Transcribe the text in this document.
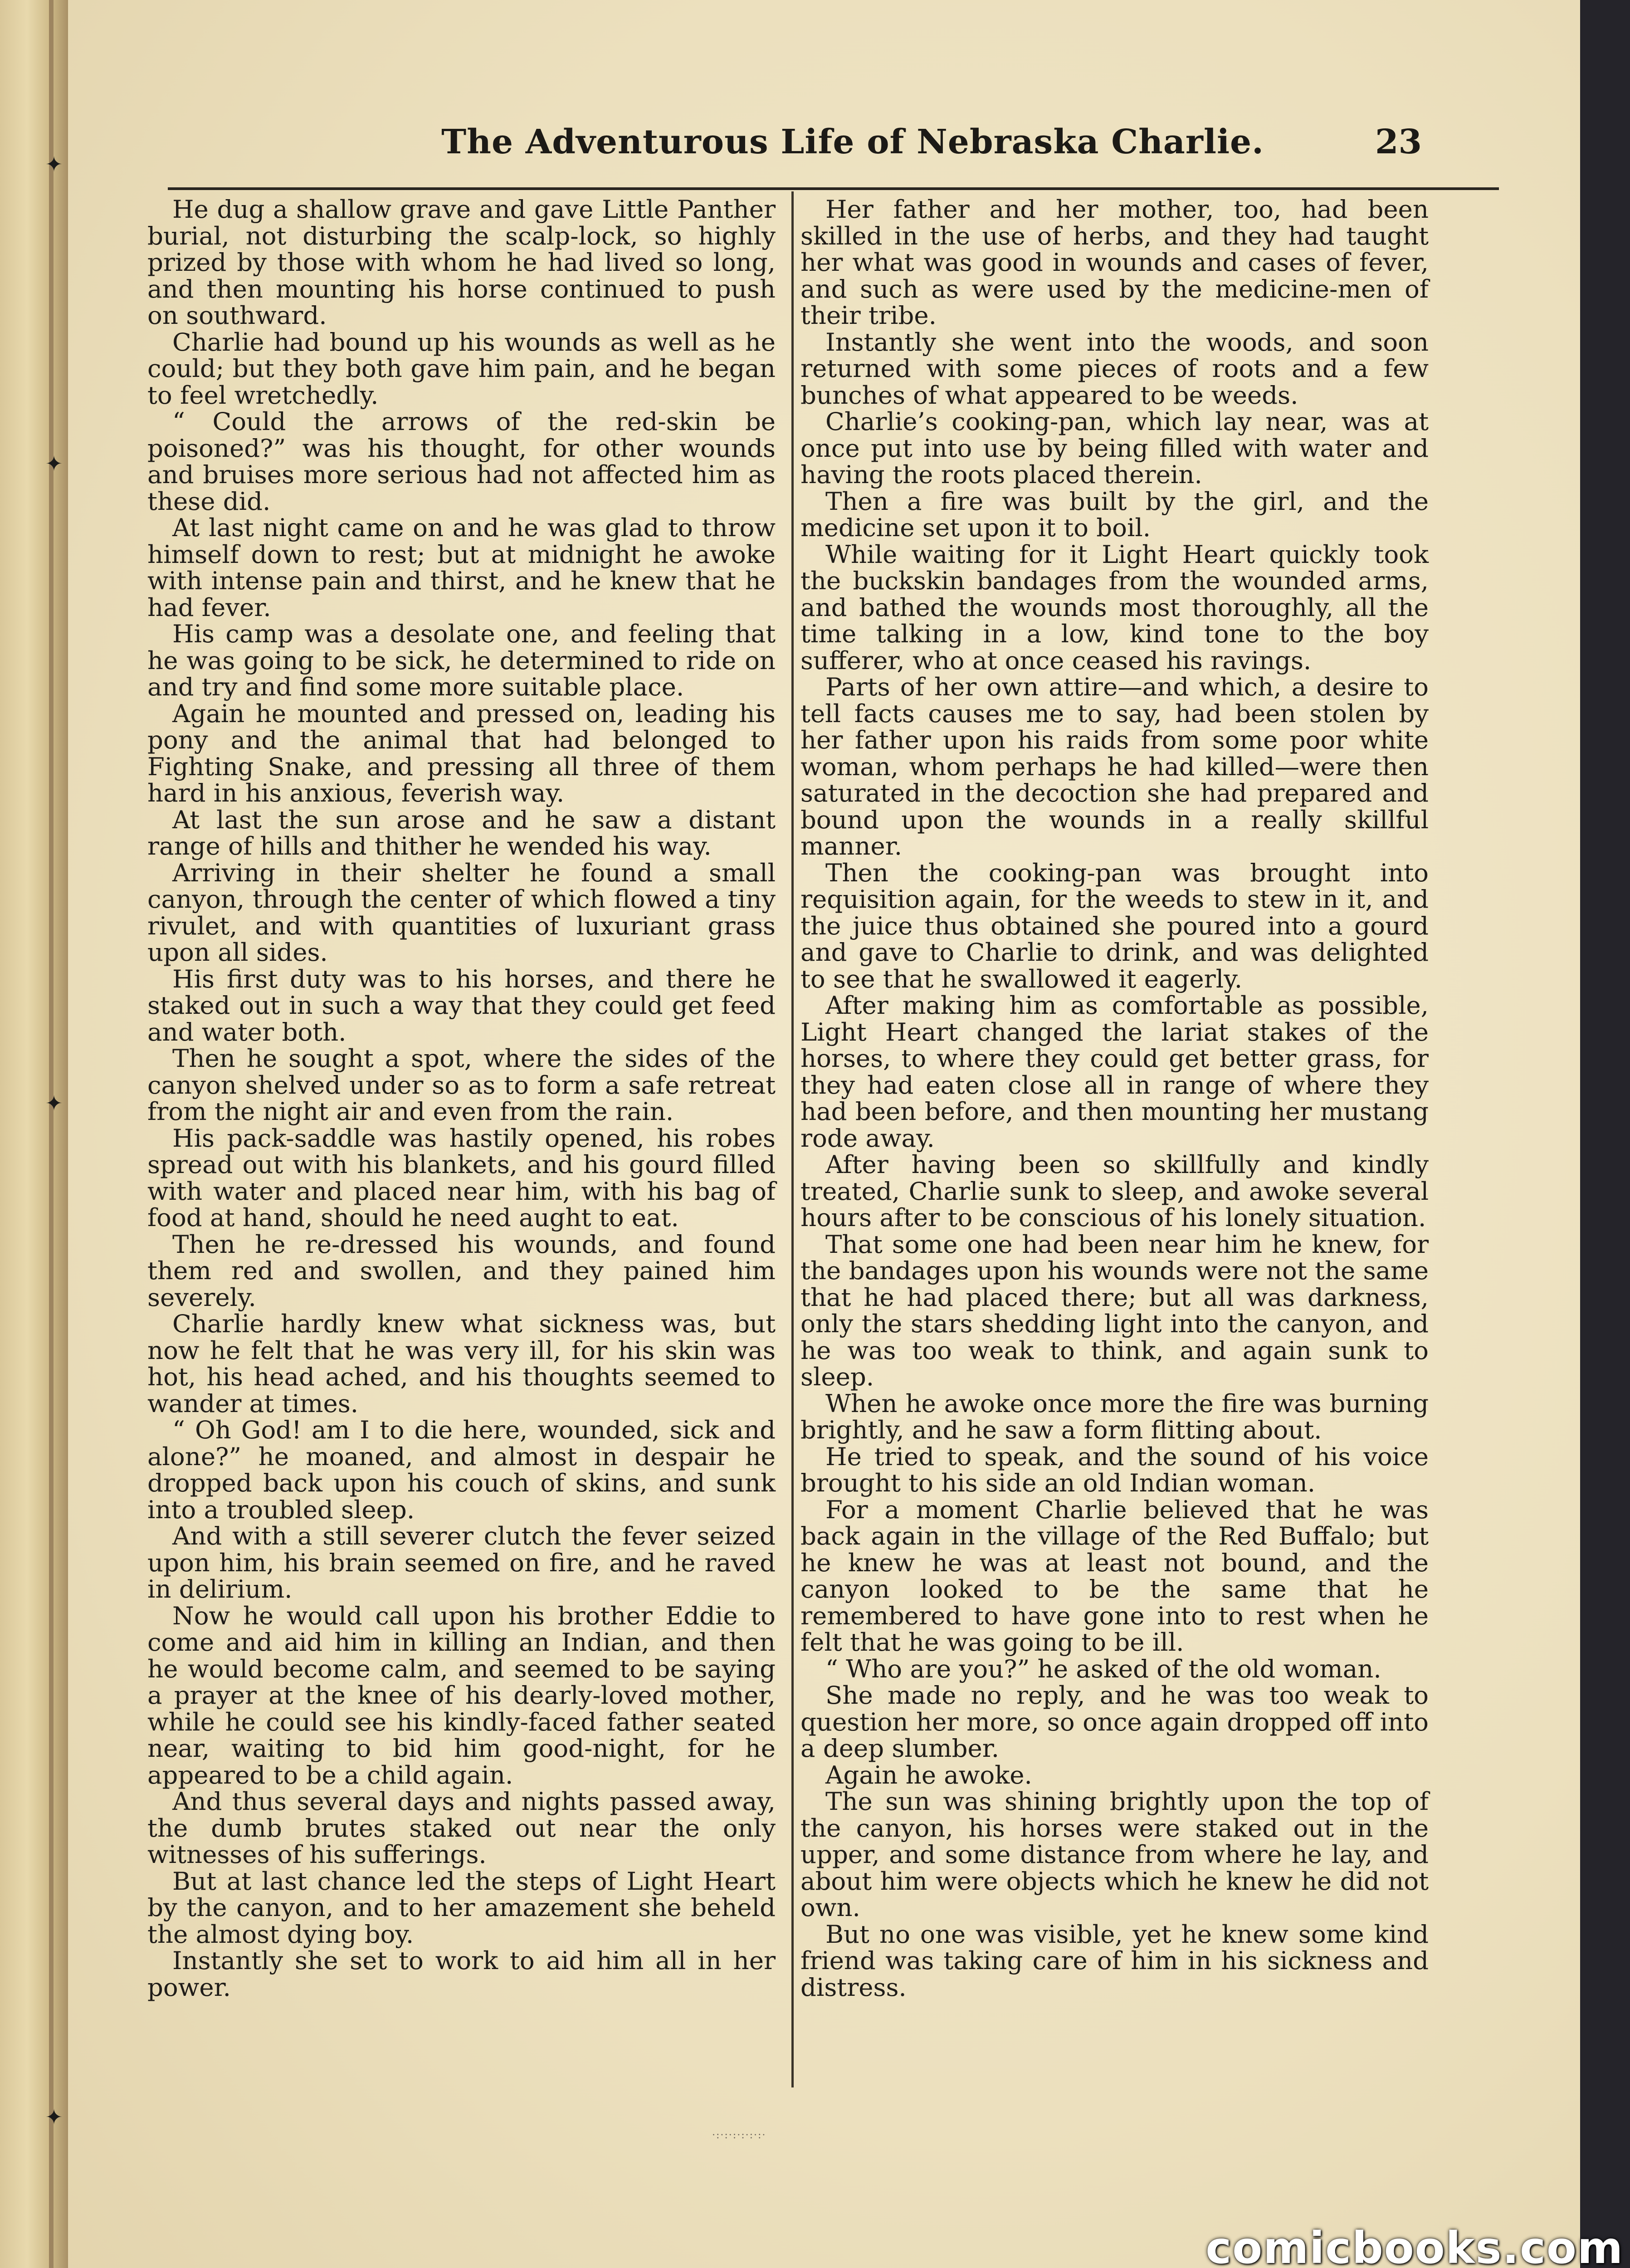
✦
✦
✦
✦
The Adventurous Life of Nebraska Charlie.	23

He dug a shallow grave and gave Little Panther burial, not disturbing the scalp-lock, so highly prized by those with whom he had lived so long, and then mounting his horse continued to push on southward.

Charlie had bound up his wounds as well as he could; but they both gave him pain, and he began to feel wretchedly.

“ Could the arrows of the red-skin be poisoned?” was his thought, for other wounds and bruises more serious had not affected him as these did.

At last night came on and he was glad to throw himself down to rest; but at midnight he awoke with intense pain and thirst, and he knew that he had fever.

His camp was a desolate one, and feeling that he was going to be sick, he determined to ride on and try and find some more suitable place.

Again he mounted and pressed on, leading his pony and the animal that had belonged to Fighting Snake, and pressing all three of them hard in his anxious, feverish way.

At last the sun arose and he saw a distant range of hills and thither he wended his way.

Arriving in their shelter he found a small canyon, through the center of which flowed a tiny rivulet, and with quantities of luxuriant grass upon all sides.

His first duty was to his horses, and there he staked out in such a way that they could get feed and water both.

Then he sought a spot, where the sides of the canyon shelved under so as to form a safe retreat from the night air and even from the rain.

His pack-saddle was hastily opened, his robes spread out with his blankets, and his gourd filled with water and placed near him, with his bag of food at hand, should he need aught to eat.

Then he re-dressed his wounds, and found them red and swollen, and they pained him severely.

Charlie hardly knew what sickness was, but now he felt that he was very ill, for his skin was hot, his head ached, and his thoughts seemed to wander at times.

“ Oh God! am I to die here, wounded, sick and alone?” he moaned, and almost in despair he dropped back upon his couch of skins, and sunk into a troubled sleep.

And with a still severer clutch the fever seized upon him, his brain seemed on fire, and he raved in delirium.

Now he would call upon his brother Eddie to come and aid him in killing an Indian, and then he would become calm, and seemed to be saying a prayer at the knee of his dearly-loved mother, while he could see his kindly-faced father seated near, waiting to bid him good-night, for he appeared to be a child again.

And thus several days and nights passed away, the dumb brutes staked out near the only witnesses of his sufferings.

But at last chance led the steps of Light Heart by the canyon, and to her amazement she beheld the almost dying boy.

Instantly she set to work to aid him all in her power.

Her father and her mother, too, had been skilled in the use of herbs, and they had taught her what was good in wounds and cases of fever, and such as were used by the medicine-men of their tribe.

Instantly she went into the woods, and soon returned with some pieces of roots and a few bunches of what appeared to be weeds.

Charlie’s cooking-pan, which lay near, was at once put into use by being filled with water and having the roots placed therein.

Then a fire was built by the girl, and the medicine set upon it to boil.

While waiting for it Light Heart quickly took the buckskin bandages from the wounded arms, and bathed the wounds most thoroughly, all the time talking in a low, kind tone to the boy sufferer, who at once ceased his ravings.

Parts of her own attire—and which, a desire to tell facts causes me to say, had been stolen by her father upon his raids from some poor white woman, whom perhaps he had killed—were then saturated in the decoction she had prepared and bound upon the wounds in a really skillful manner.

Then the cooking-pan was brought into requisition again, for the weeds to stew in it, and the juice thus obtained she poured into a gourd and gave to Charlie to drink, and was delighted to see that he swallowed it eagerly.

After making him as comfortable as possible, Light Heart changed the lariat stakes of the horses, to where they could get better grass, for they had eaten close all in range of where they had been before, and then mounting her mustang rode away.

After having been so skillfully and kindly treated, Charlie sunk to sleep, and awoke several hours after to be conscious of his lonely situation.

That some one had been near him he knew, for the bandages upon his wounds were not the same that he had placed there; but all was darkness, only the stars shedding light into the canyon, and he was too weak to think, and again sunk to sleep.

When he awoke once more the fire was burning brightly, and he saw a form flitting about.

He tried to speak, and the sound of his voice brought to his side an old Indian woman.

For a moment Charlie believed that he was back again in the village of the Red Buffalo; but he knew he was at least not bound, and the canyon looked to be the same that he remembered to have gone into to rest when he felt that he was going to be ill.

“ Who are you?” he asked of the old woman.

She made no reply, and he was too weak to question her more, so once again dropped off into a deep slumber.

Again he awoke.

The sun was shining brightly upon the top of the canyon, his horses were staked out in the upper, and some distance from where he lay, and about him were objects which he knew he did not own.

But no one was visible, yet he knew some kind friend was taking care of him in his sickness and distress.

·:·:·:·:·:·:·
comicbooks.com
